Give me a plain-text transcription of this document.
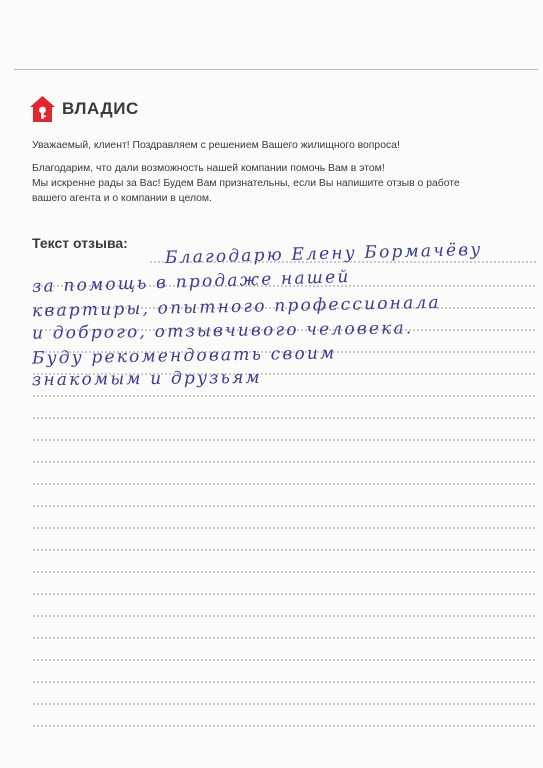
ВЛАДИС
Уважаемый, клиент! Поздравляем с решением Вашего жилищного вопроса!
Благодарим, что дали возможность нашей компании помочь Вам в этом!
Мы искренне рады за Вас! Будем Вам признательны, если Вы напишите отзыв о работе
вашего агента и о компании в целом.
Текст отзыва: Благодарю Елену Бормачёву
за помощь в продаже нашей
квартиры, опытного профессионала
и доброго, отзывчивого человека.
Буду рекомендовать своим
знакомым и друзьям
